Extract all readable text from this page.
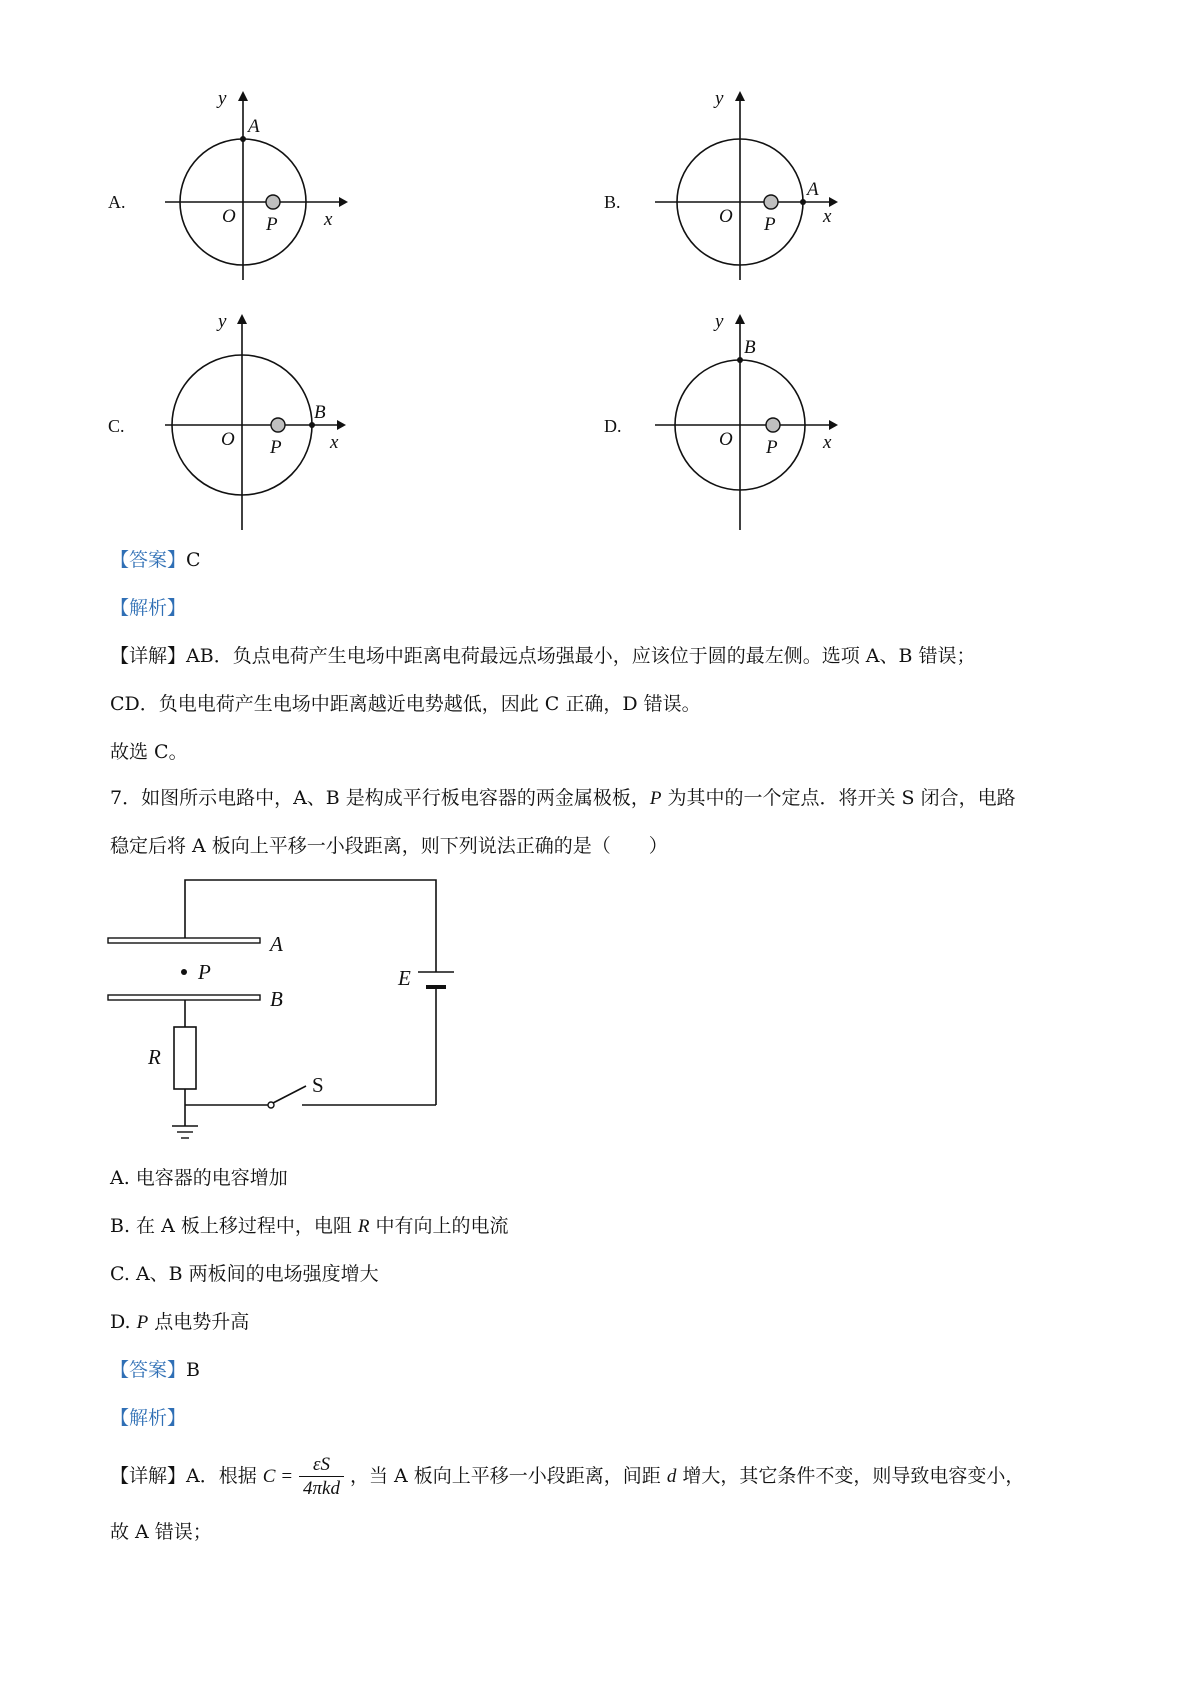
A.
y
A
O P x
B.
y
A
O P x
C.
y
B
O P	x
D.
y
B
O P x
【答案】C
【解析】
【详解】AB．负点电荷产生电场中距离电荷最远点场强最小，应该位于圆的最左侧。选项 A、B 错误；
CD．负电电荷产生电场中距离越近电势越低，因此 C 正确，D 错误。
故选 C。
7．如图所示电路中，A、B 是构成平行板电容器的两金属极板，P 为其中的一个定点．将开关 S 闭合，电路
稳定后将 A 板向上平移一小段距离，则下列说法正确的是（　　）
A
P
B
E
R
S
A. 电容器的电容增加
B. 在 A 板上移过程中，电阻 R 中有向上的电流
C. A、B 两板间的电场强度增大
D. P 点电势升高
【答案】B
【解析】
【详解】A．根据 $C = \frac{\varepsilon S}{\text{4πkd}}$ ，当 A 板向上平移一小段距离，间距 d 增大，其它条件不变，则导致电容变小，
故 A 错误；
